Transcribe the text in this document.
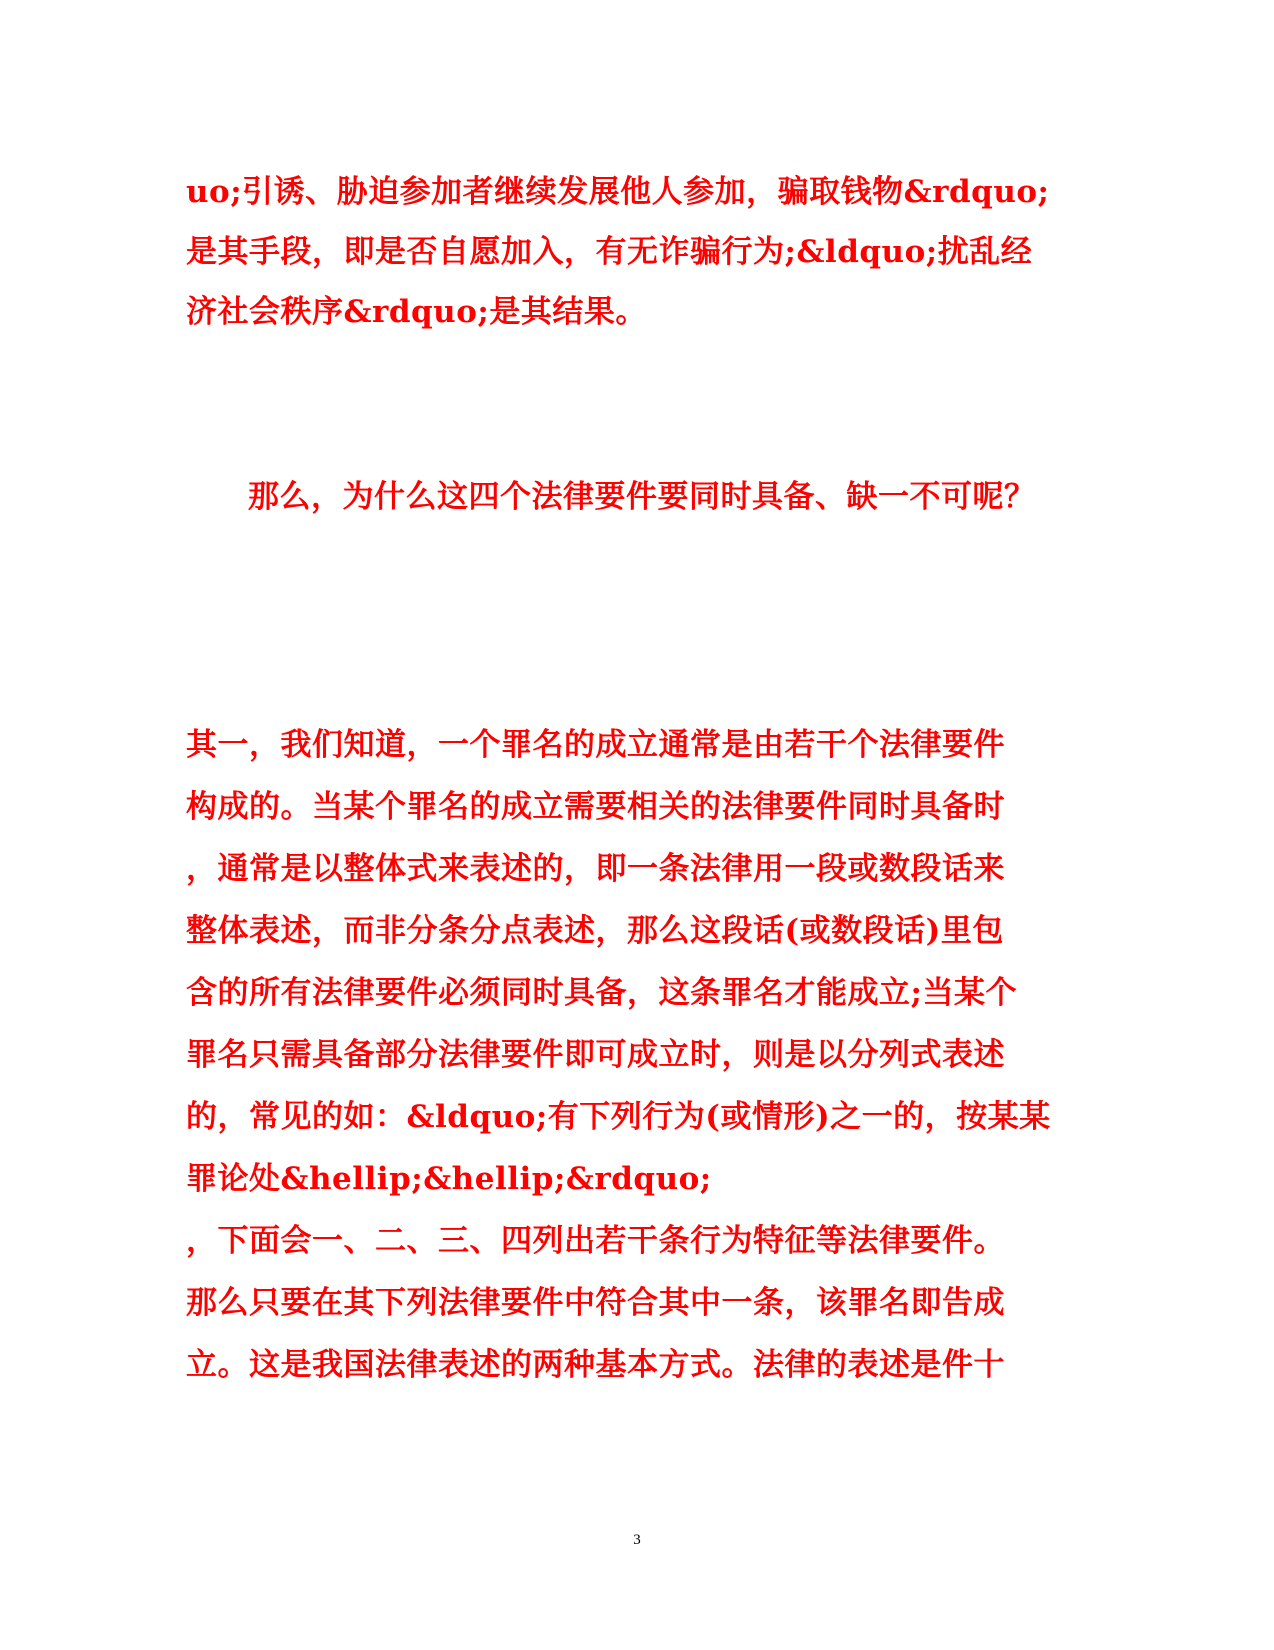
uo;引诱、胁迫参加者继续发展他人参加，骗取钱物&rdquo;
是其手段，即是否自愿加入，有无诈骗行为;&ldquo;扰乱经
济社会秩序&rdquo;是其结果。
那么，为什么这四个法律要件要同时具备、缺一不可呢？
其一，我们知道，一个罪名的成立通常是由若干个法律要件
构成的。当某个罪名的成立需要相关的法律要件同时具备时
，通常是以整体式来表述的，即一条法律用一段或数段话来
整体表述，而非分条分点表述，那么这段话(或数段话)里包
含的所有法律要件必须同时具备，这条罪名才能成立;当某个
罪名只需具备部分法律要件即可成立时，则是以分列式表述
的，常见的如：&ldquo;有下列行为(或情形)之一的，按某某
罪论处&hellip;&hellip;&rdquo;
，下面会一、二、三、四列出若干条行为特征等法律要件。
那么只要在其下列法律要件中符合其中一条，该罪名即告成
立。这是我国法律表述的两种基本方式。法律的表述是件十
3
